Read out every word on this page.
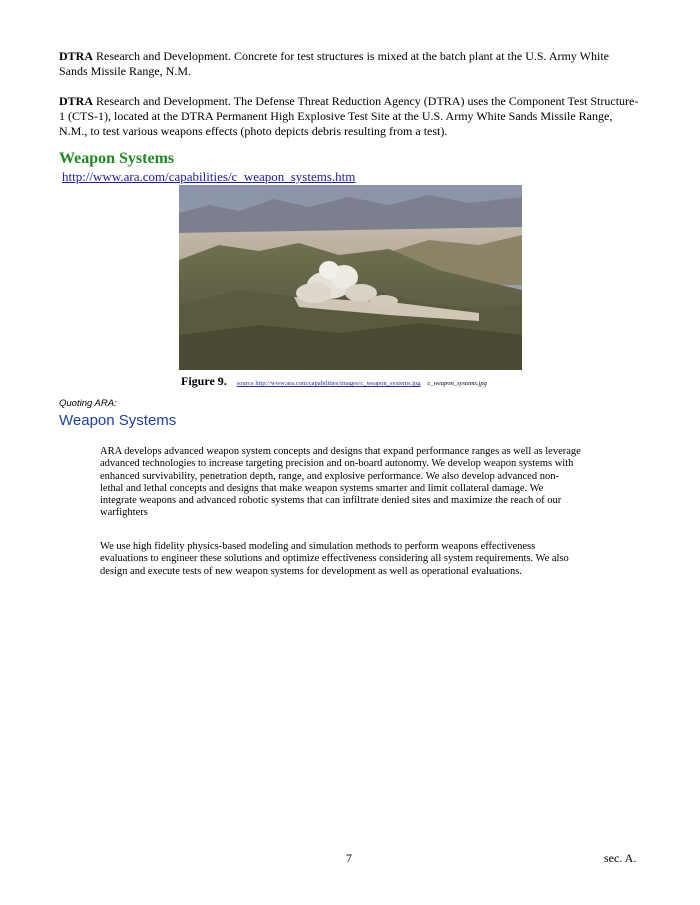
DTRA Research and Development. Concrete for test structures is mixed at the batch plant at the U.S. Army White Sands Missile Range, N.M.
DTRA Research and Development. The Defense Threat Reduction Agency (DTRA) uses the Component Test Structure-1 (CTS-1), located at the DTRA Permanent High Explosive Test Site at the U.S. Army White Sands Missile Range, N.M., to test various weapons effects (photo depicts debris resulting from a test).
Weapon Systems
http://www.ara.com/capabilities/c_weapon_systems.htm
Figure 9. source http://www.ara.com/capabilities/images/c_weapon_systems.jpg c_weapon_systems.jpg
Quoting ARA:
Weapon Systems
ARA develops advanced weapon system concepts and designs that expand performance ranges as well as leverage advanced technologies to increase targeting precision and on-board autonomy. We develop weapon systems with enhanced survivability, penetration depth, range, and explosive performance. We also develop advanced non-lethal and lethal concepts and designs that make weapon systems smarter and limit collateral damage. We integrate weapons and advanced robotic systems that can infiltrate denied sites and maximize the reach of our warfighters
We use high fidelity physics-based modeling and simulation methods to perform weapons effectiveness evaluations to engineer these solutions and optimize effectiveness considering all system requirements. We also design and execute tests of new weapon systems for development as well as operational evaluations.
7	sec. A.
